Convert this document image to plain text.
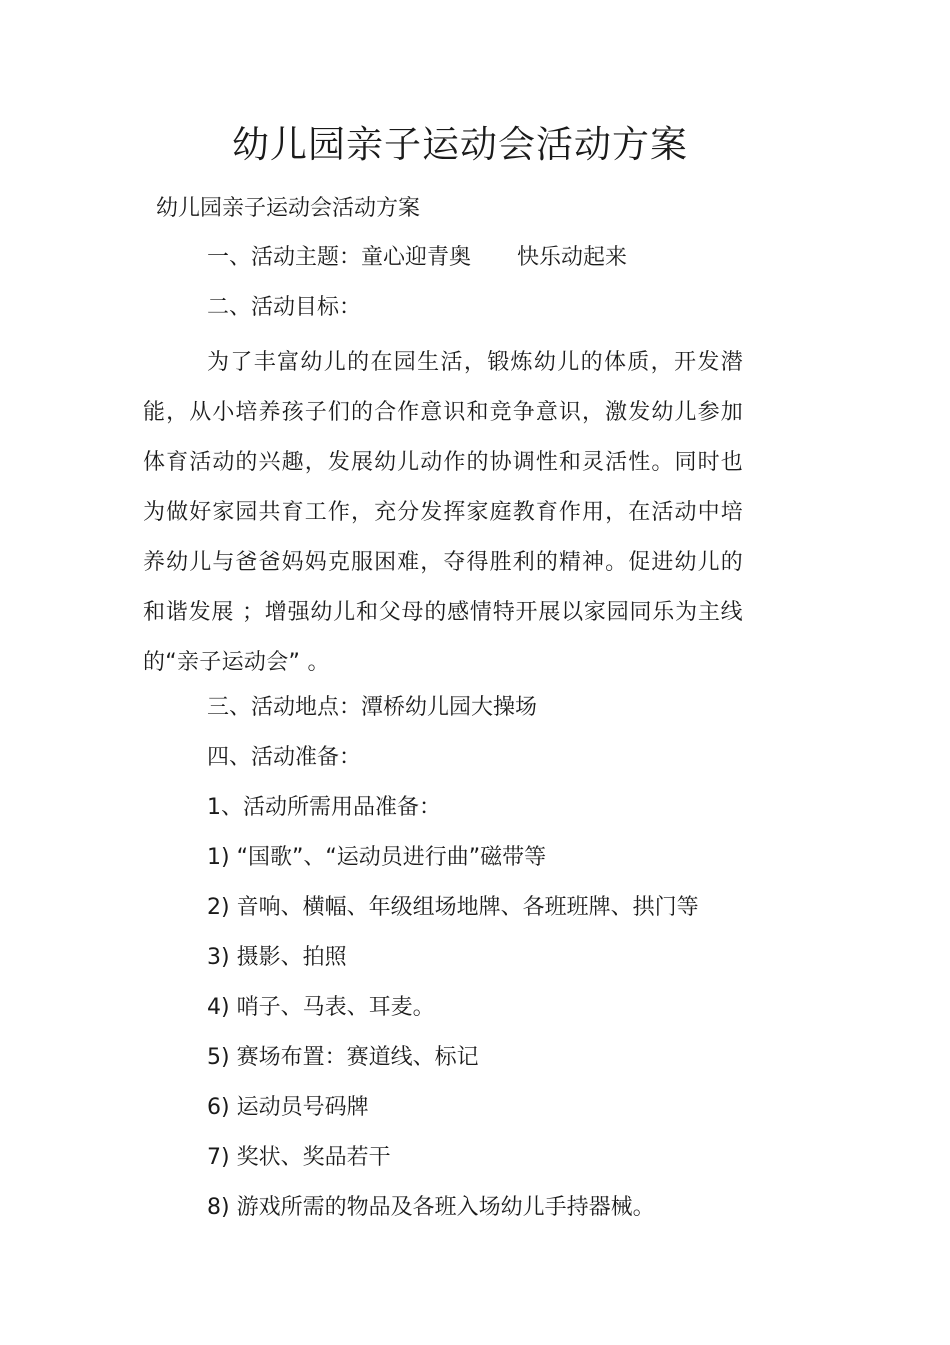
幼儿园亲子运动会活动方案

幼儿园亲子运动会活动方案

一、活动主题：童心迎青奥 快乐动起来

二、活动目标：

为了丰富幼儿的在园生活，锻炼幼儿的体质，开发潜能，从小培养孩子们的合作意识和竞争意识，激发幼儿参加体育活动的兴趣，发展幼儿动作的协调性和灵活性。同时也为做好家园共育工作，充分发挥家庭教育作用，在活动中培养幼儿与爸爸妈妈克服困难，夺得胜利的精神。促进幼儿的和谐发展 ；增强幼儿和父母的感情特开展以家园同乐为主线的“亲子运动会” 。

三、活动地点：潭桥幼儿园大操场

四、活动准备：

1、活动所需用品准备：

1) “国歌”、“运动员进行曲”磁带等

2) 音响、横幅、年级组场地牌、各班班牌、拱门等

3) 摄影、拍照

4) 哨子、马表、耳麦。

5) 赛场布置：赛道线、标记

6) 运动员号码牌

7) 奖状、奖品若干

8) 游戏所需的物品及各班入场幼儿手持器械。
